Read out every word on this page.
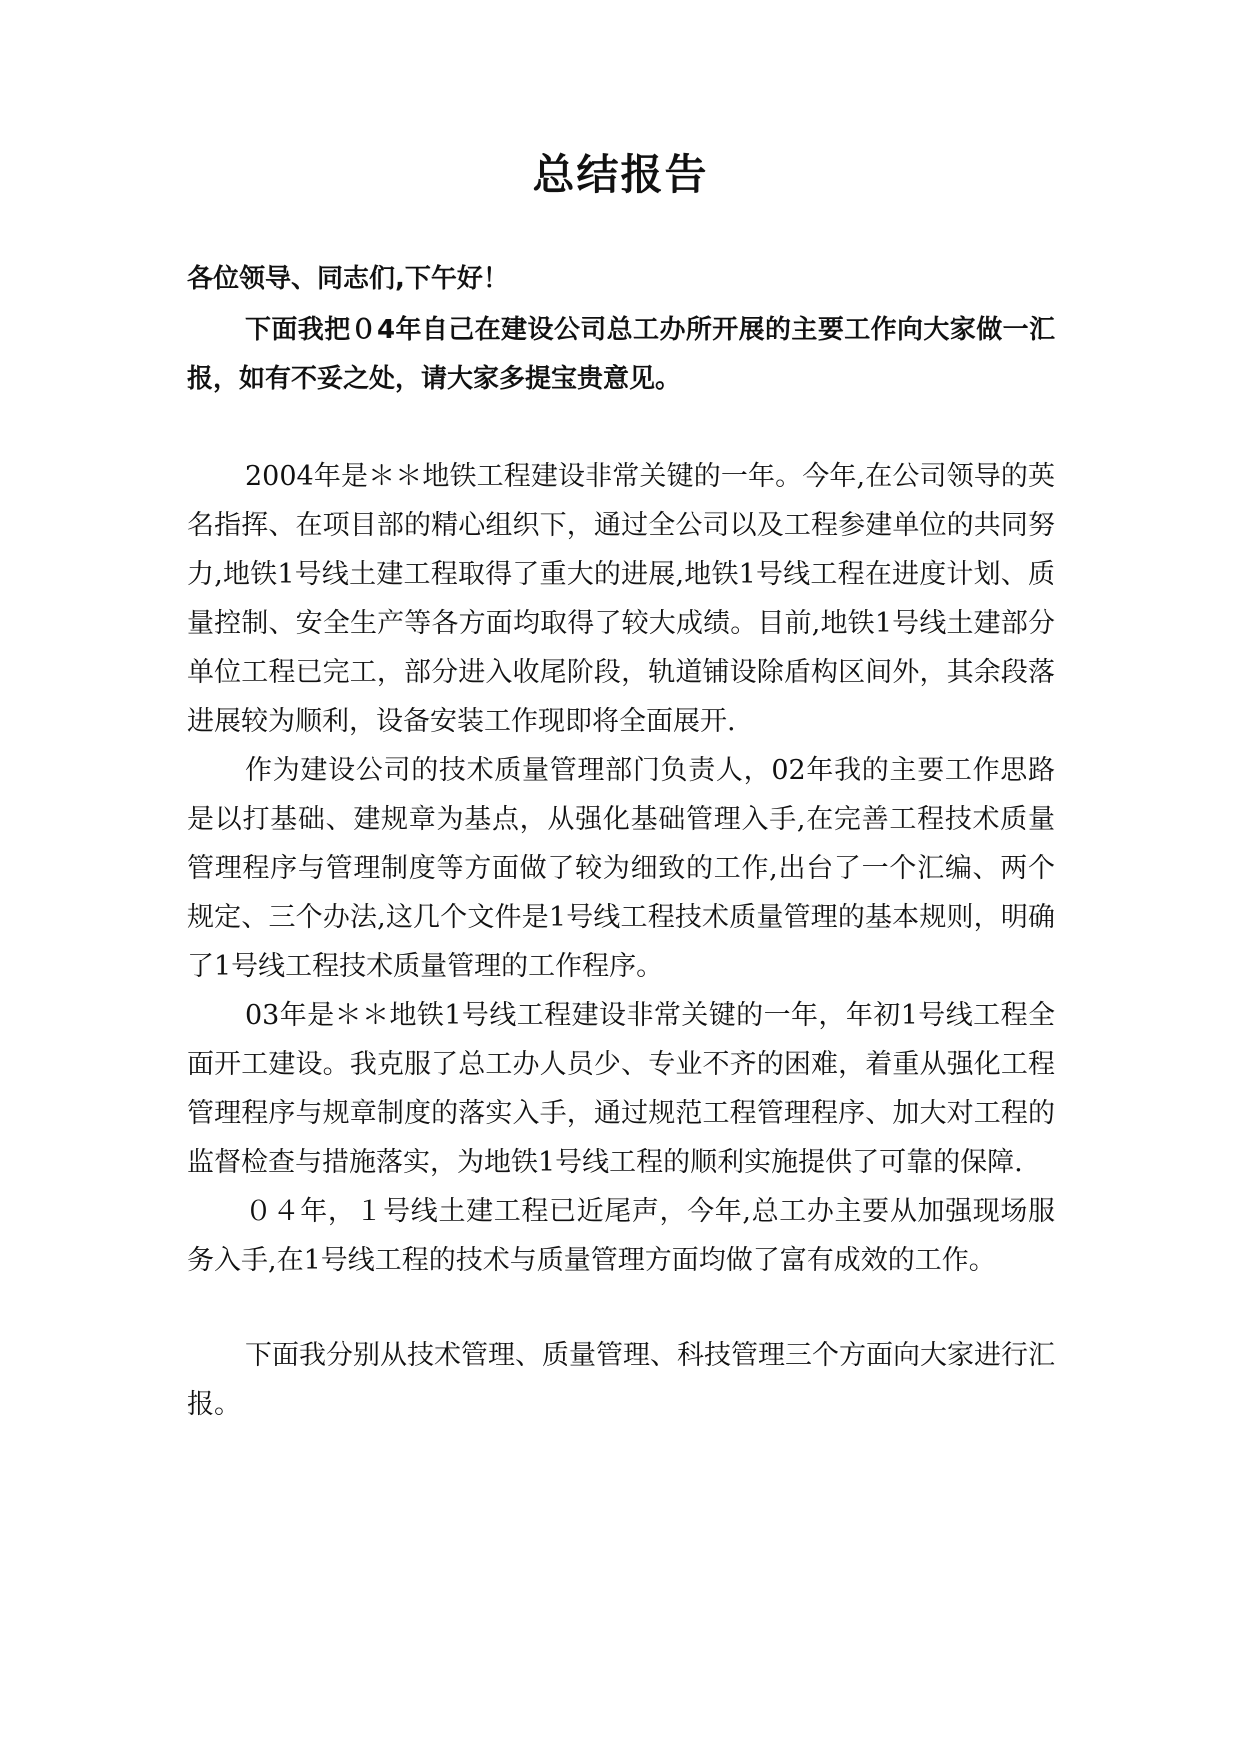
总结报告

各位领导、同志们,下午好！

下面我把０4年自己在建设公司总工办所开展的主要工作向大家做一汇报，如有不妥之处，请大家多提宝贵意见。

2004年是＊＊地铁工程建设非常关键的一年。今年,在公司领导的英名指挥、在项目部的精心组织下，通过全公司以及工程参建单位的共同努力,地铁1号线土建工程取得了重大的进展,地铁1号线工程在进度计划、质量控制、安全生产等各方面均取得了较大成绩。目前,地铁1号线土建部分单位工程已完工，部分进入收尾阶段，轨道铺设除盾构区间外，其余段落进展较为顺利，设备安装工作现即将全面展开.

作为建设公司的技术质量管理部门负责人，02年我的主要工作思路是以打基础、建规章为基点，从强化基础管理入手,在完善工程技术质量管理程序与管理制度等方面做了较为细致的工作,出台了一个汇编、两个规定、三个办法,这几个文件是1号线工程技术质量管理的基本规则，明确了1号线工程技术质量管理的工作程序。

03年是＊＊地铁1号线工程建设非常关键的一年，年初1号线工程全面开工建设。我克服了总工办人员少、专业不齐的困难，着重从强化工程管理程序与规章制度的落实入手，通过规范工程管理程序、加大对工程的监督检查与措施落实，为地铁1号线工程的顺利实施提供了可靠的保障.

０４年，１号线土建工程已近尾声，今年,总工办主要从加强现场服务入手,在1号线工程的技术与质量管理方面均做了富有成效的工作。

下面我分别从技术管理、质量管理、科技管理三个方面向大家进行汇报。
